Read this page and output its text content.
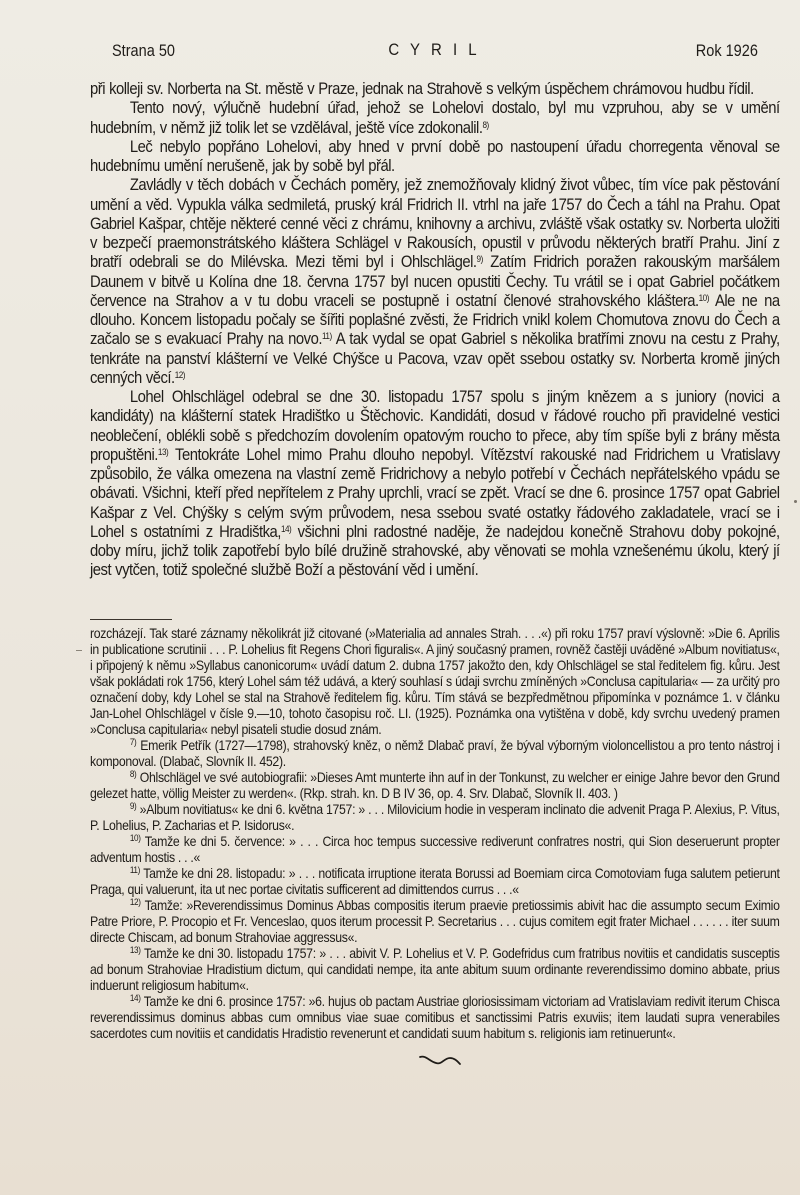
Strana 50	C Y R I L	Rok 1926

při kolleji sv. Norberta na St. městě v Praze, jednak na Strahově s velkým úspěchem chrámovou hudbu řídil.

Tento nový, výlučně hudební úřad, jehož se Lohelovi dostalo, byl mu vzpruhou, aby se v umění hudebním, v němž již tolik let se vzdělával, ještě více zdokonalil.$^{8)}$

Leč nebylo popřáno Lohelovi, aby hned v první době po nastoupení úřadu chorregenta věnoval se hudebnímu umění nerušeně, jak by sobě byl přál.

Zavládly v těch dobách v Čechách poměry, jež znemožňovaly klidný život vůbec, tím více pak pěstování umění a věd. Vypukla válka sedmiletá, pruský král Fridrich II. vtrhl na jaře 1757 do Čech a táhl na Prahu. Opat Gabriel Kašpar, chtěje některé cenné věci z chrámu, knihovny a archivu, zvláště však ostatky sv. Norberta uložiti v bezpečí praemonstrátského kláštera Schlägel v Rakousích, opustil v průvodu některých bratří Prahu. Jiní z bratří odebrali se do Milévska. Mezi těmi byl i Ohlschlägel.$^{9)}$ Zatím Fridrich poražen rakouským maršálem Daunem v bitvě u Kolína dne 18. června 1757 byl nucen opustiti Čechy. Tu vrátil se i opat Gabriel počátkem července na Strahov a v tu dobu vraceli se postupně i ostatní členové strahovského kláštera.$^{10)}$ Ale ne na dlouho. Koncem listopadu počaly se šířiti poplašné zvěsti, že Fridrich vnikl kolem Chomutova znovu do Čech a začalo se s evakuací Prahy na novo.$^{11)}$ A tak vydal se opat Gabriel s několika bratřími znovu na cestu z Prahy, tenkráte na panství klášterní ve Velké Chýšce u Pacova, vzav opět ssebou ostatky sv. Norberta kromě jiných cenných věcí.$^{12)}$

Lohel Ohlschlägel odebral se dne 30. listopadu 1757 spolu s jiným knězem a s juniory (novici a kandidáty) na klášterní statek Hradištko u Štěchovic. Kandidáti, dosud v řádové roucho při pravidelné vestici neoblečení, oblékli sobě s předchozím dovolením opatovým roucho to přece, aby tím spíše byli z brány města propuštěni.$^{13)}$ Tentokráte Lohel mimo Prahu dlouho nepobyl. Vítězství rakouské nad Fridrichem u Vratislavy způsobilo, že válka omezena na vlastní země Fridrichovy a nebylo potřebí v Čechách nepřátelského vpádu se obávati. Všichni, kteří před nepřítelem z Prahy uprchli, vrací se zpět. Vrací se dne 6. prosince 1757 opat Gabriel Kašpar z Vel. Chýšky s celým svým průvodem, nesa ssebou svaté ostatky řádového zakladatele, vrací se i Lohel s ostatními z Hradištka,$^{14)}$ všichni plni radostné naděje, že nadejdou konečně Strahovu doby pokojné, doby míru, jichž tolik zapotřebí bylo bílé družině strahovské, aby věnovati se mohla vznešenému úkolu, který jí jest vytčen, totiž společné službě Boží a pěstování věd i umění.

rozcházejí. Tak staré záznamy několikrát již citované (»Materialia ad annales Strah. . . .«) při roku 1757 praví výslovně: »Die 6. Aprilis in publicatione scrutinii . . . P. Lohelius fit Regens Chori figuralis«. A jiný současný pramen, rovněž častěji uváděné »Album novitiatus«, i připojený k němu »Syllabus canonicorum« uvádí datum 2. dubna 1757 jakožto den, kdy Ohlschlägel se stal ředitelem fig. kůru. Jest však pokládati rok 1756, který Lohel sám též udává, a který souhlasí s údaji svrchu zmíněných »Conclusa capitularia« — za určitý pro označení doby, kdy Lohel se stal na Strahově ředitelem fig. kůru. Tím stává se bezpředmětnou připomínka v poznámce 1. v článku Jan-Lohel Ohlschlägel v čísle 9.—10, tohoto časopisu roč. LI. (1925). Poznámka ona vytištěna v době, kdy svrchu uvedený pramen »Conclusa capitularia« nebyl pisateli studie dosud znám.

$^{7)}$ Emerik Petřík (1727—1798), strahovský kněz, o němž Dlabač praví, že býval výborným violoncellistou a pro tento nástroj i komponoval. (Dlabač, Slovník II. 452).

$^{8)}$ Ohlschlägel ve své autobiografii: »Dieses Amt munterte ihn auf in der Tonkunst, zu welcher er einige Jahre bevor den Grund gelezet hatte, völlig Meister zu werden«. (Rkp. strah. kn. D B IV 36, op. 4. Srv. Dlabač, Slovník II. 403. )

$^{9)}$ »Album novitiatus« ke dni 6. května 1757: » . . . Milovicium hodie in vesperam inclinato die advenit Praga P. Alexius, P. Vitus, P. Lohelius, P. Zacharias et P. Isidorus«.

$^{10)}$ Tamže ke dni 5. července: » . . . Circa hoc tempus successive rediverunt confratres nostri, qui Sion deseruerunt propter adventum hostis . . .«

$^{11)}$ Tamže ke dni 28. listopadu: » . . . notificata irruptione iterata Borussi ad Boemiam circa Comotoviam fuga salutem petierunt Praga, qui valuerunt, ita ut nec portae civitatis sufficerent ad dimittendos currus . . .«

$^{12)}$ Tamže: »Reverendissimus Dominus Abbas compositis iterum praevie pretiossimis abivit hac die assumpto secum Eximio Patre Priore, P. Procopio et Fr. Venceslao, quos iterum processit P. Secretarius . . . cujus comitem egit frater Michael . . . . . . iter suum directe Chiscam, ad bonum Strahoviae aggressus«.

$^{13)}$ Tamže ke dni 30. listopadu 1757: » . . . abivit V. P. Lohelius et V. P. Godefridus cum fratribus novitiis et candidatis susceptis ad bonum Strahoviae Hradistium dictum, qui candidati nempe, ita ante abitum suum ordinante reverendissimo domino abbate, prius induerunt religiosum habitum«.

$^{14)}$ Tamže ke dni 6. prosince 1757: »6. hujus ob pactam Austriae gloriosissimam victoriam ad Vratislaviam redivit iterum Chisca reverendissimus dominus abbas cum omnibus viae suae comitibus et sanctissimi Patris exuviis; item laudati supra venerabiles sacerdotes cum novitiis et candidatis Hradistio revenerunt et candidati suum habitum s. religionis iam retinuerunt«.
